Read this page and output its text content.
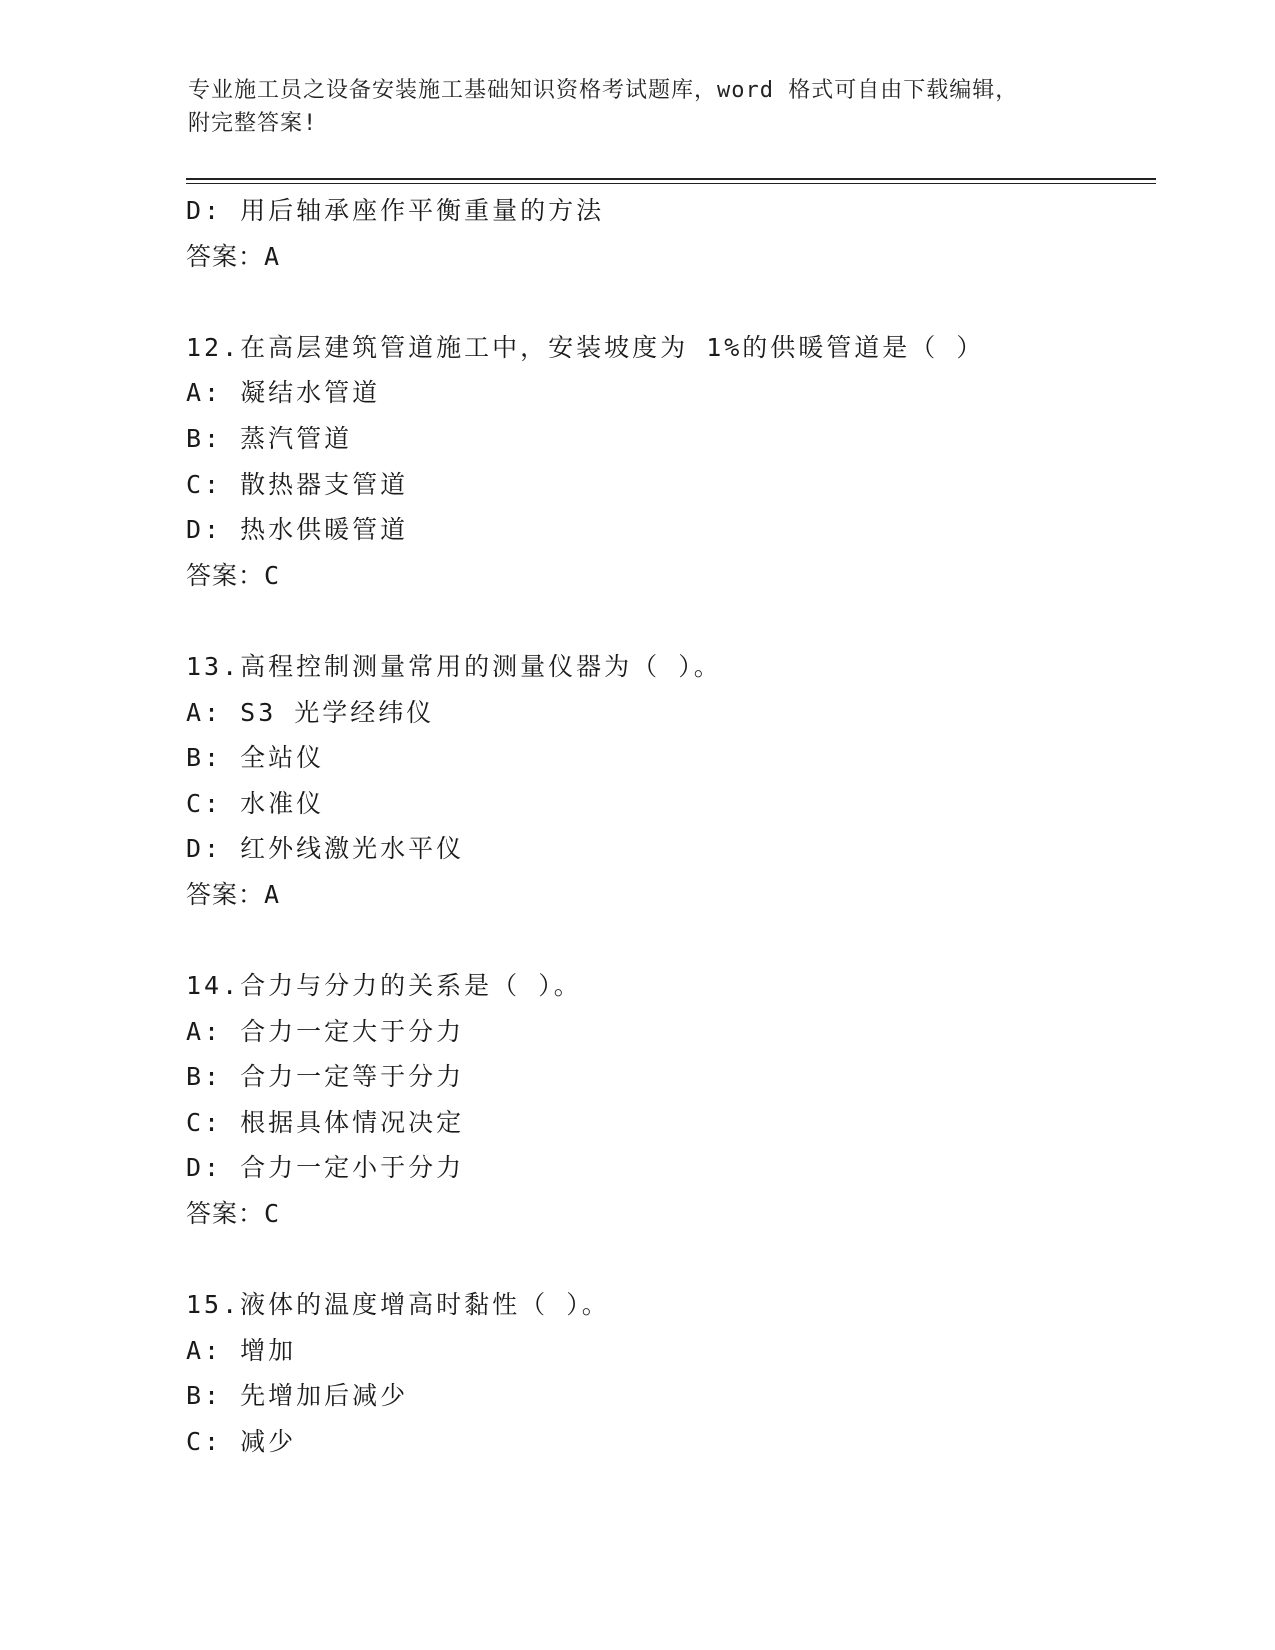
专业施工员之设备安装施工基础知识资格考试题库，word 格式可自由下载编辑，
附完整答案!
D: 用后轴承座作平衡重量的方法
答案：A
12.在高层建筑管道施工中，安装坡度为 1%的供暖管道是（ ）
A: 凝结水管道
B: 蒸汽管道
C: 散热器支管道
D: 热水供暖管道
答案：C
13.高程控制测量常用的测量仪器为（ ）。
A: S3 光学经纬仪
B: 全站仪
C: 水准仪
D: 红外线激光水平仪
答案：A
14.合力与分力的关系是（ ）。
A: 合力一定大于分力
B: 合力一定等于分力
C: 根据具体情况决定
D: 合力一定小于分力
答案：C
15.液体的温度增高时黏性（ ）。
A: 增加
B: 先增加后减少
C: 减少
